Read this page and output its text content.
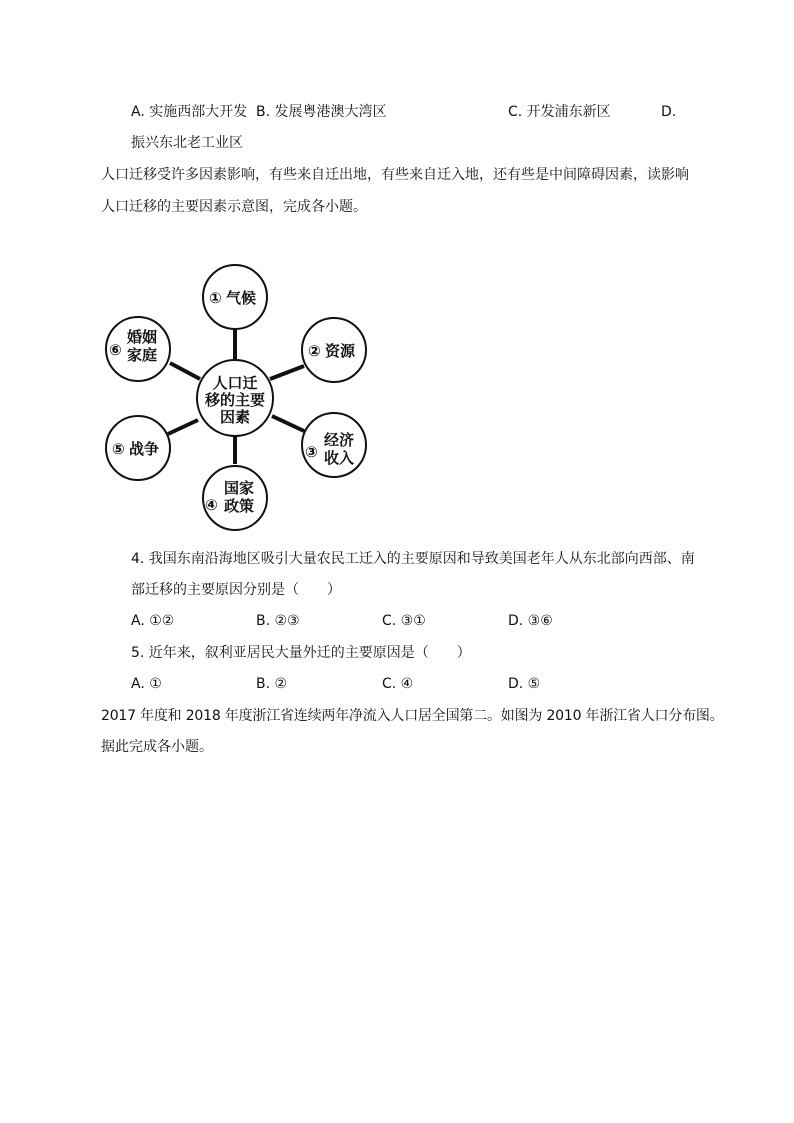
A. 实施西部大开发 B. 发展粤港澳大湾区	C. 开发浦东新区	D.
振兴东北老工业区
人口迁移受许多因素影响，有些来自迁出地，有些来自迁入地，还有些是中间障碍因素，读影响
人口迁移的主要因素示意图，完成各小题。
人口迁
移的主要
因素
① 气候
② 资源
③
经济
收入
④
国家
政策
⑤ 战争
⑥
婚姻
家庭
4. 我国东南沿海地区吸引大量农民工迁入的主要原因和导致美国老年人从东北部向西部、南
部迁移的主要原因分别是（　　）
A. ①②	B. ②③	C. ③①	D. ③⑥
5. 近年来，叙利亚居民大量外迁的主要原因是（　　）
A. ①	B. ②	C. ④	D. ⑤
2017 年度和 2018 年度浙江省连续两年净流入人口居全国第二。如图为 2010 年浙江省人口分布图。
据此完成各小题。
